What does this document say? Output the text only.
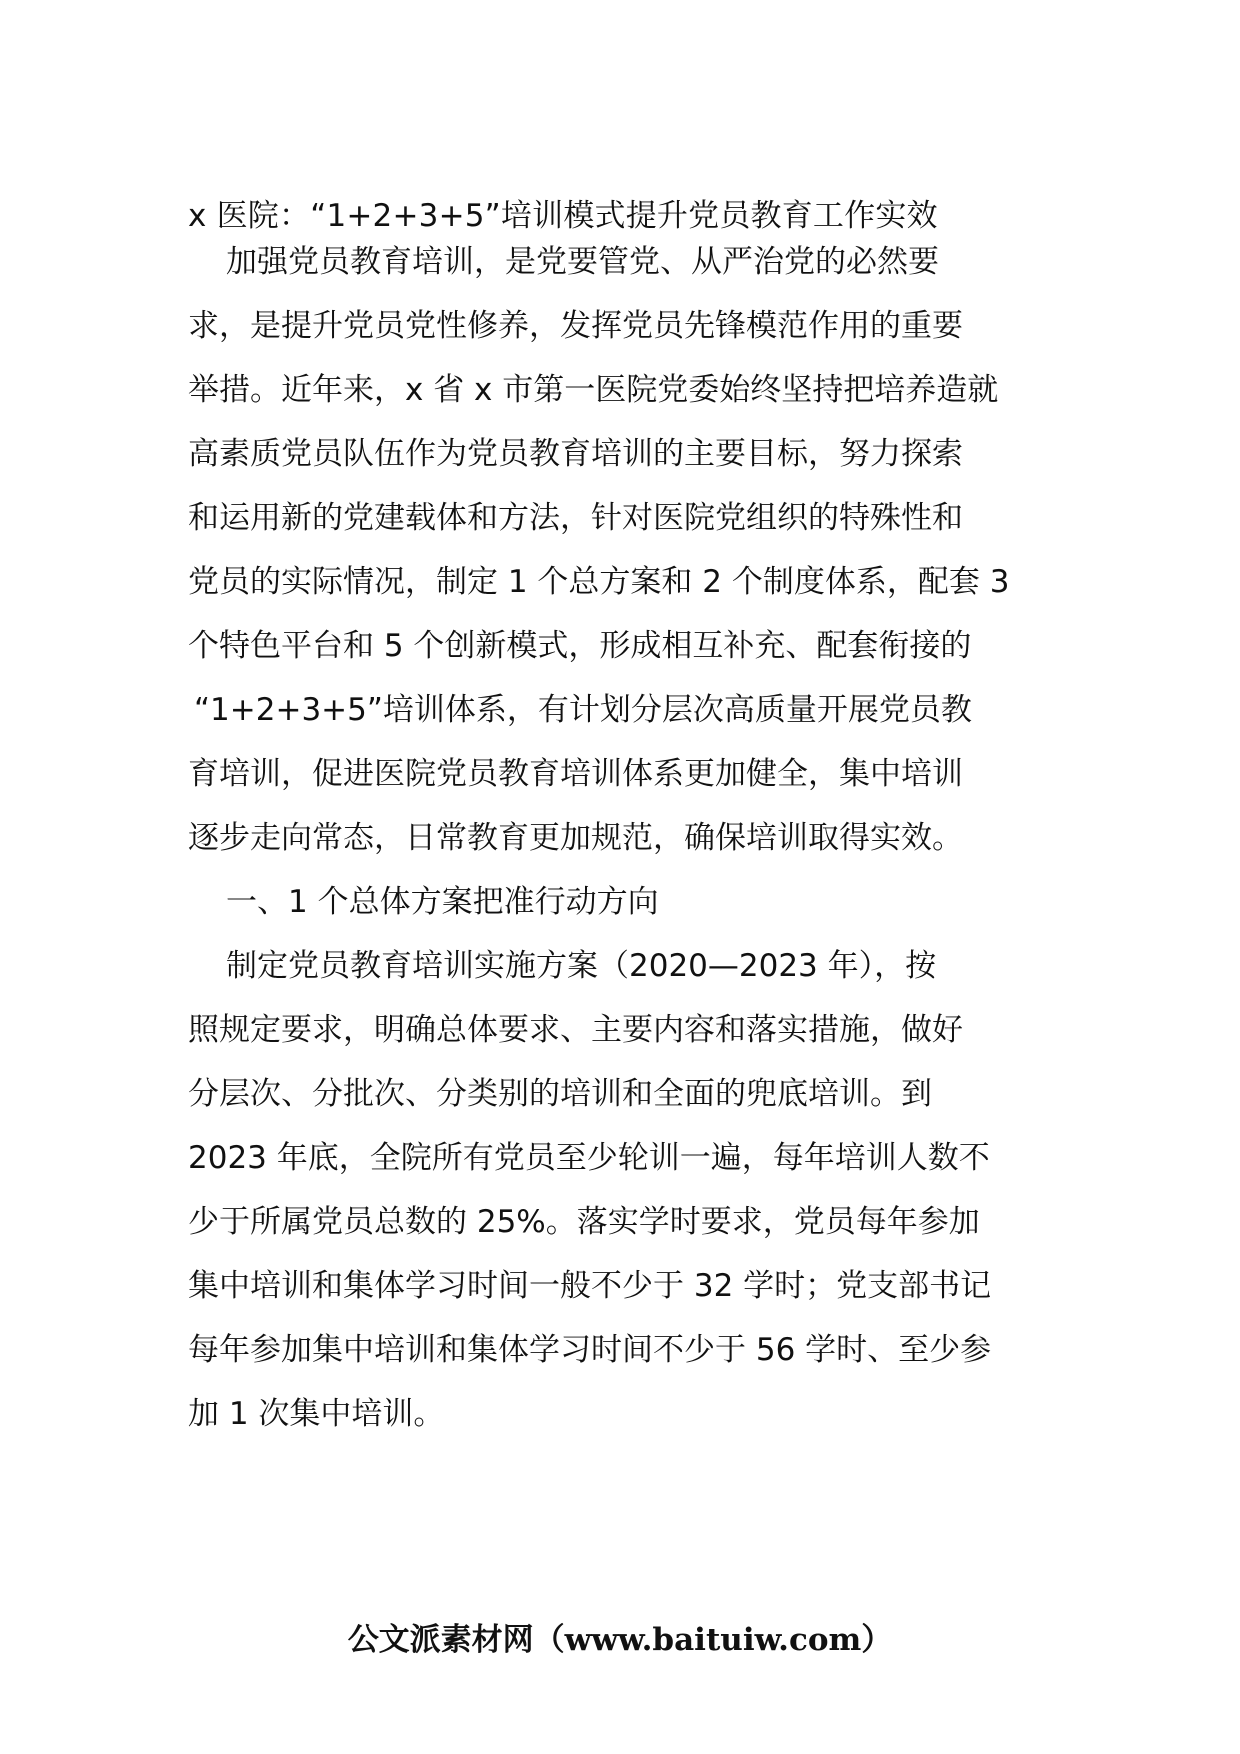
x 医院：“1+2+3+5”培训模式提升党员教育工作实效
加强党员教育培训，是党要管党、从严治党的必然要
求，是提升党员党性修养，发挥党员先锋模范作用的重要
举措。近年来，x 省 x 市第一医院党委始终坚持把培养造就
高素质党员队伍作为党员教育培训的主要目标，努力探索
和运用新的党建载体和方法，针对医院党组织的特殊性和
党员的实际情况，制定 1 个总方案和 2 个制度体系，配套 3
个特色平台和 5 个创新模式，形成相互补充、配套衔接的
“1+2+3+5”培训体系，有计划分层次高质量开展党员教
育培训，促进医院党员教育培训体系更加健全，集中培训
逐步走向常态，日常教育更加规范，确保培训取得实效。
一、1 个总体方案把准行动方向
制定党员教育培训实施方案（2020—2023 年），按
照规定要求，明确总体要求、主要内容和落实措施，做好
分层次、分批次、分类别的培训和全面的兜底培训。到
2023 年底，全院所有党员至少轮训一遍，每年培训人数不
少于所属党员总数的 25%。落实学时要求，党员每年参加
集中培训和集体学习时间一般不少于 32 学时；党支部书记
每年参加集中培训和集体学习时间不少于 56 学时、至少参
加 1 次集中培训。
公文派素材网（www.baituiw.com）
